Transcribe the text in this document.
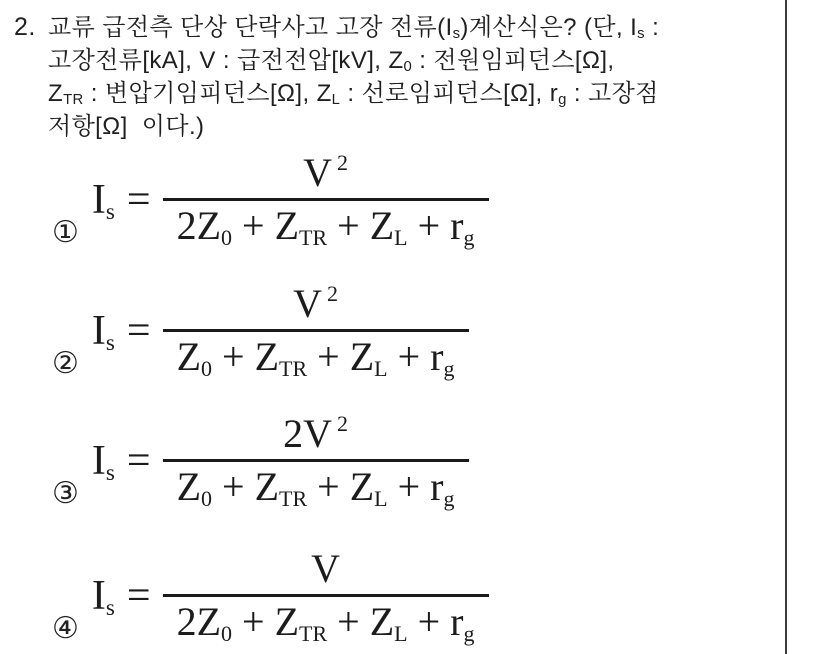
2. 교류 급전측 단상 단락사고 고장 전류$(I_s)$계산식은? (단, $I_s$ :
고장전류[kA], V : 급전전압[kV], $Z_0$ : 전원임피던스[Ω],
$Z_{TR}$ : 변압기임피던스[Ω], $Z_L$ : 선로임피던스[Ω], $r_g$ : 고장점
저항[Ω]  이다.)
①
$I_s = \frac{V ^2}{2Z_0 + Z_{TR} + Z_L + r_g}$
②
$I_s = \frac{V ^2}{Z_0 + Z_{TR} + Z_L + r_g}$
③
$I_s = \frac{2V ^2}{Z_0 + Z_{TR} + Z_L + r_g}$
④
$I_s = \frac{V}{2Z_0 + Z_{TR} + Z_L + r_g}$
